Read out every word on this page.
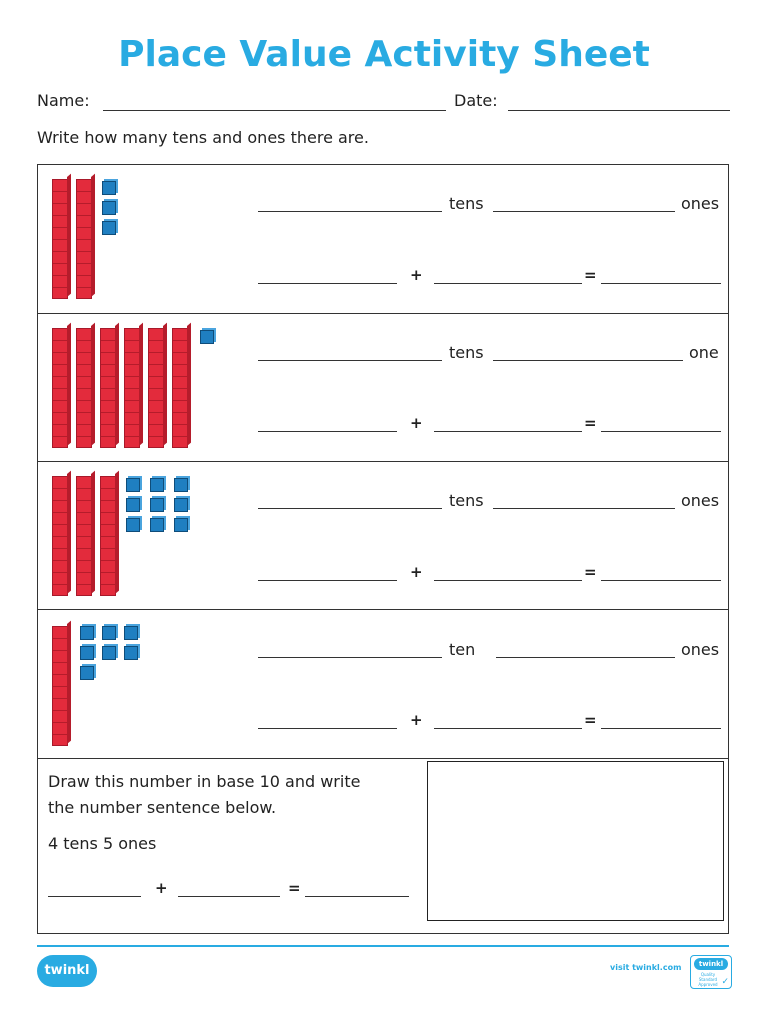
Place Value Activity Sheet
Name:	Date:
Write how many tens and ones there are.
tens	ones
+	=
tens	one
+	=
tens	ones
+	=
ten	ones
+	=
Draw this number in base 10 and write
the number sentence below.
4 tens 5 ones
+	=
twinkl	visit twinkl.com	twinkl
Quality Standard Approved ✓
